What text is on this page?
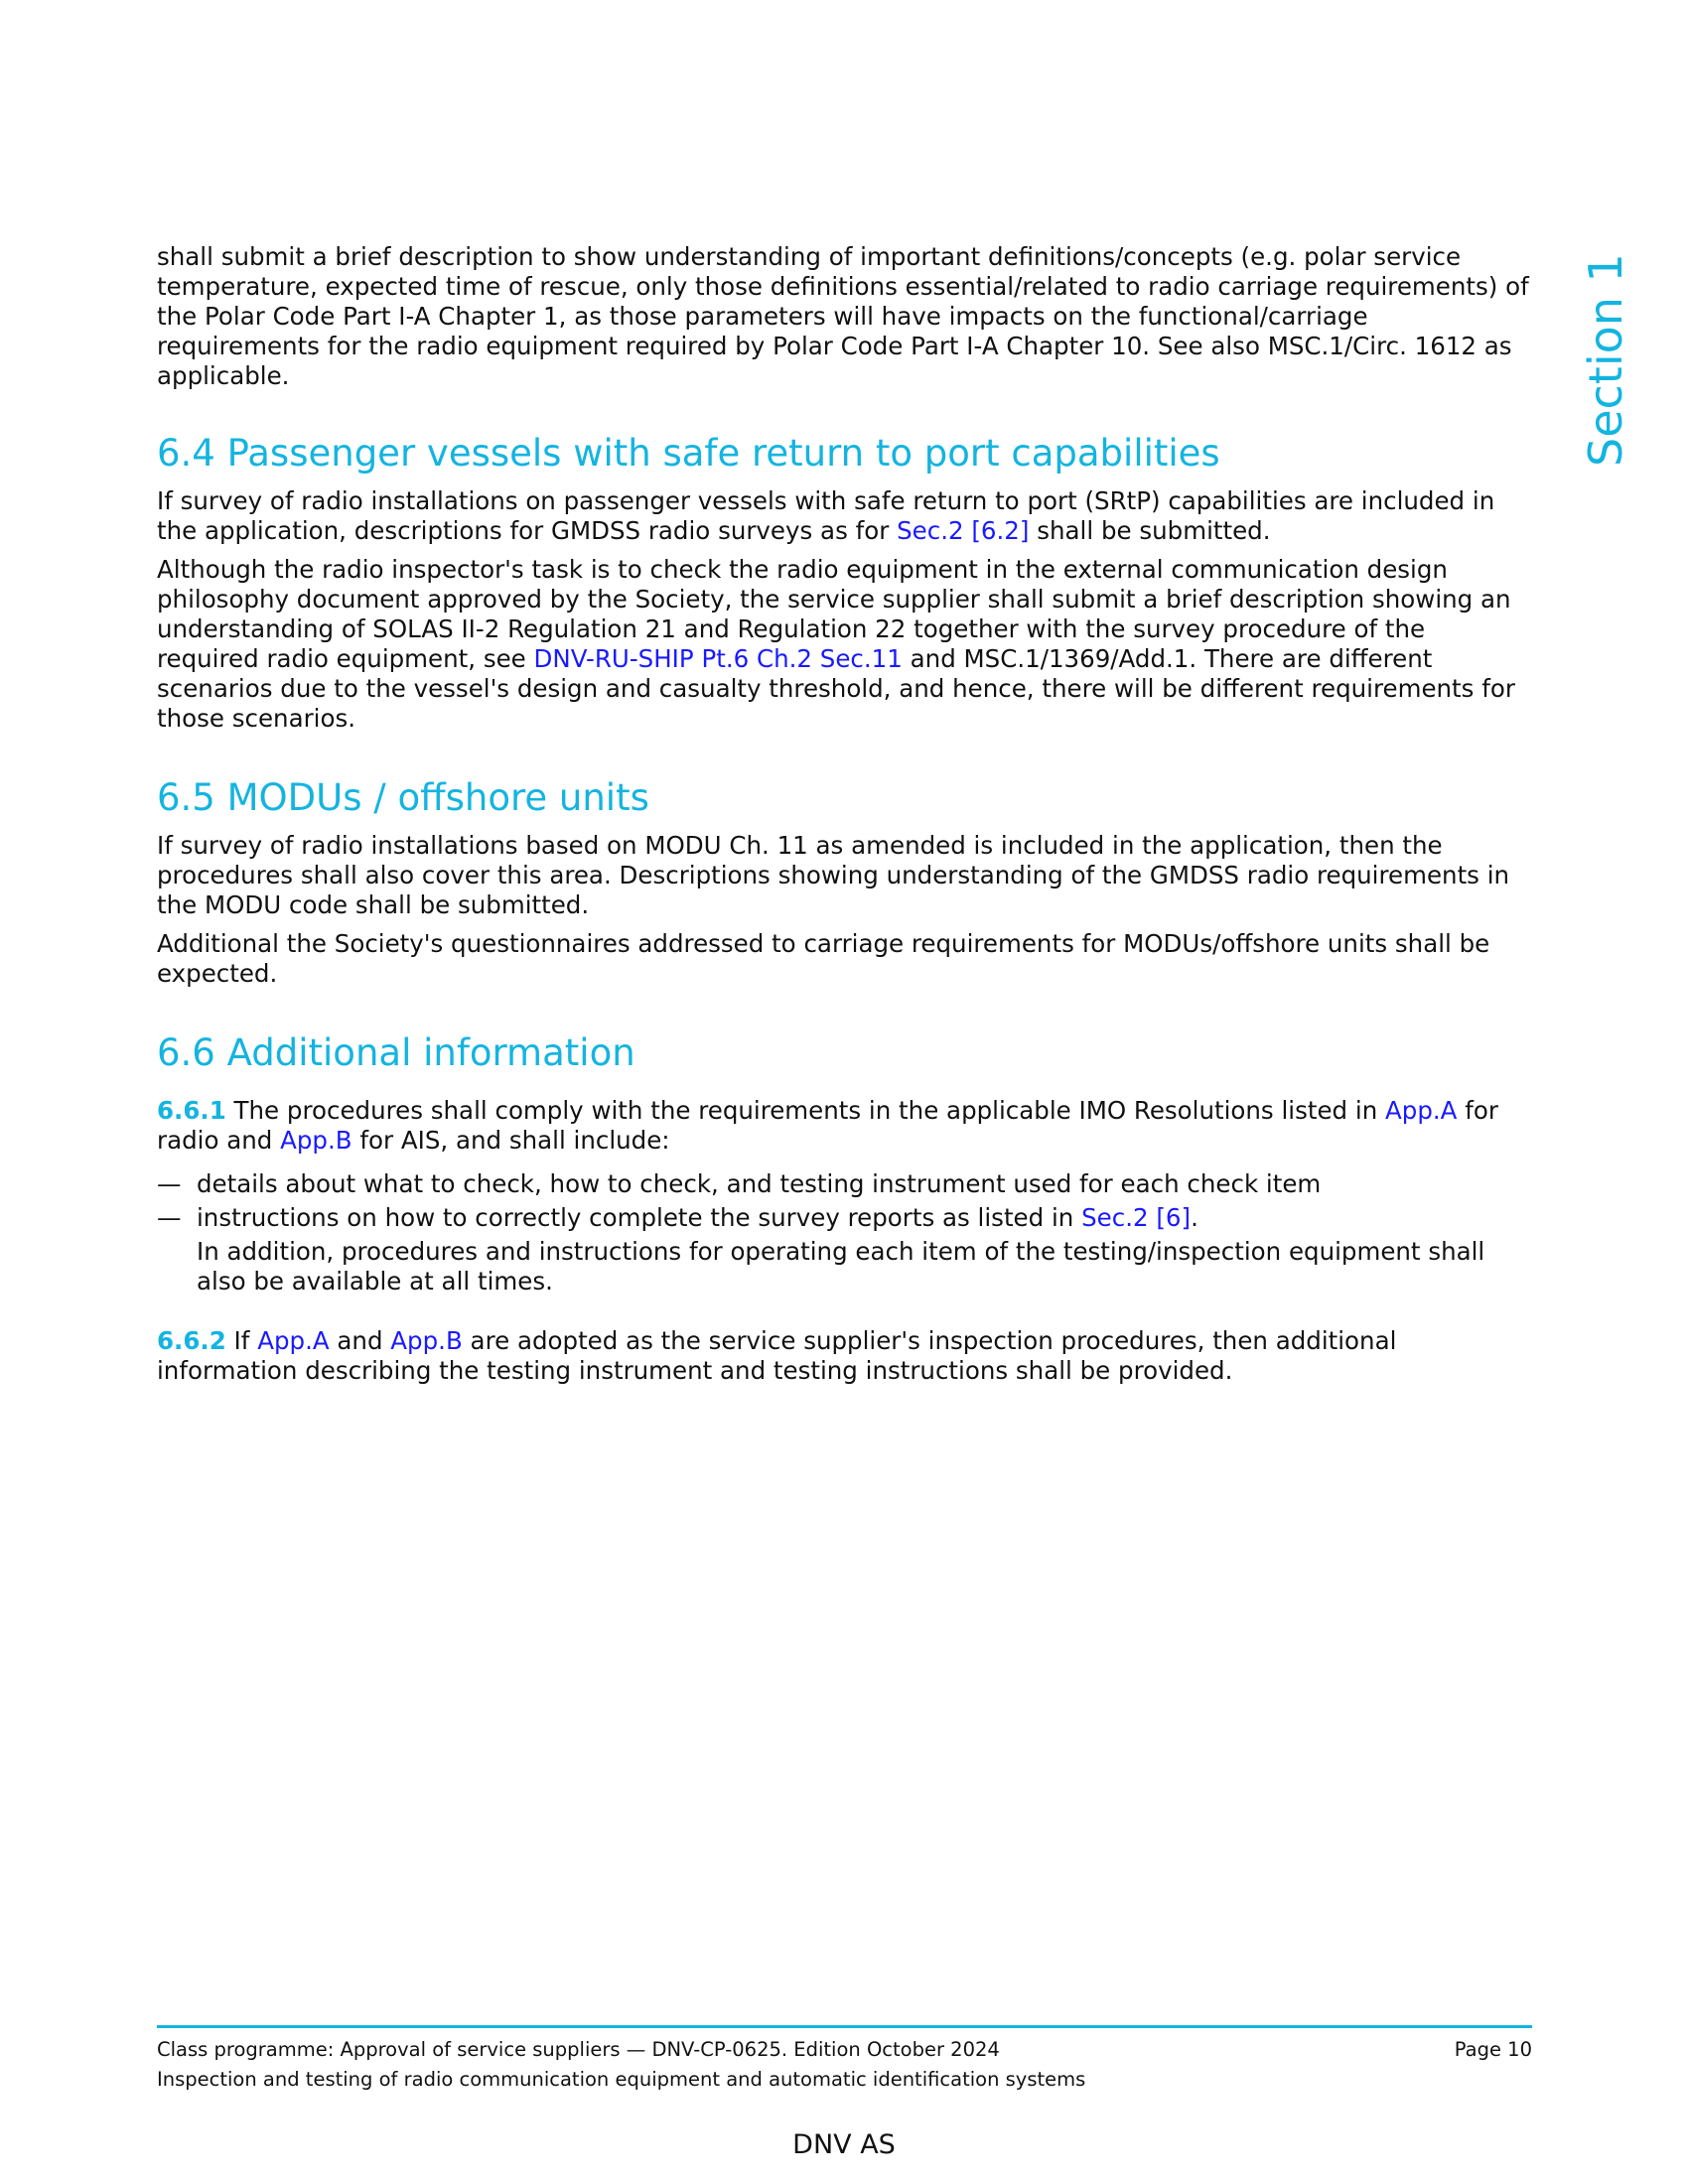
Section 1

shall submit a brief description to show understanding of important definitions/concepts (e.g. polar service temperature, expected time of rescue, only those definitions essential/related to radio carriage requirements) of the Polar Code Part I-A Chapter 1, as those parameters will have impacts on the functional/carriage requirements for the radio equipment required by Polar Code Part I-A Chapter 10. See also MSC.1/Circ. 1612 as applicable.

6.4 Passenger vessels with safe return to port capabilities

If survey of radio installations on passenger vessels with safe return to port (SRtP) capabilities are included in the application, descriptions for GMDSS radio surveys as for Sec.2 [6.2] shall be submitted.

Although the radio inspector's task is to check the radio equipment in the external communication design philosophy document approved by the Society, the service supplier shall submit a brief description showing an understanding of SOLAS II-2 Regulation 21 and Regulation 22 together with the survey procedure of the required radio equipment, see DNV-RU-SHIP Pt.6 Ch.2 Sec.11 and MSC.1/1369/Add.1. There are different scenarios due to the vessel's design and casualty threshold, and hence, there will be different requirements for those scenarios.

6.5 MODUs / offshore units

If survey of radio installations based on MODU Ch. 11 as amended is included in the application, then the procedures shall also cover this area. Descriptions showing understanding of the GMDSS radio requirements in the MODU code shall be submitted.

Additional the Society's questionnaires addressed to carriage requirements for MODUs/offshore units shall be expected.

6.6 Additional information

6.6.1 The procedures shall comply with the requirements in the applicable IMO Resolutions listed in App.A for radio and App.B for AIS, and shall include:

— details about what to check, how to check, and testing instrument used for each check item
— instructions on how to correctly complete the survey reports as listed in Sec.2 [6].
In addition, procedures and instructions for operating each item of the testing/inspection equipment shall also be available at all times.

6.6.2 If App.A and App.B are adopted as the service supplier's inspection procedures, then additional information describing the testing instrument and testing instructions shall be provided.

Class programme: Approval of service suppliers — DNV-CP-0625. Edition October 2024
Inspection and testing of radio communication equipment and automatic identification systems
Page 10
DNV AS
